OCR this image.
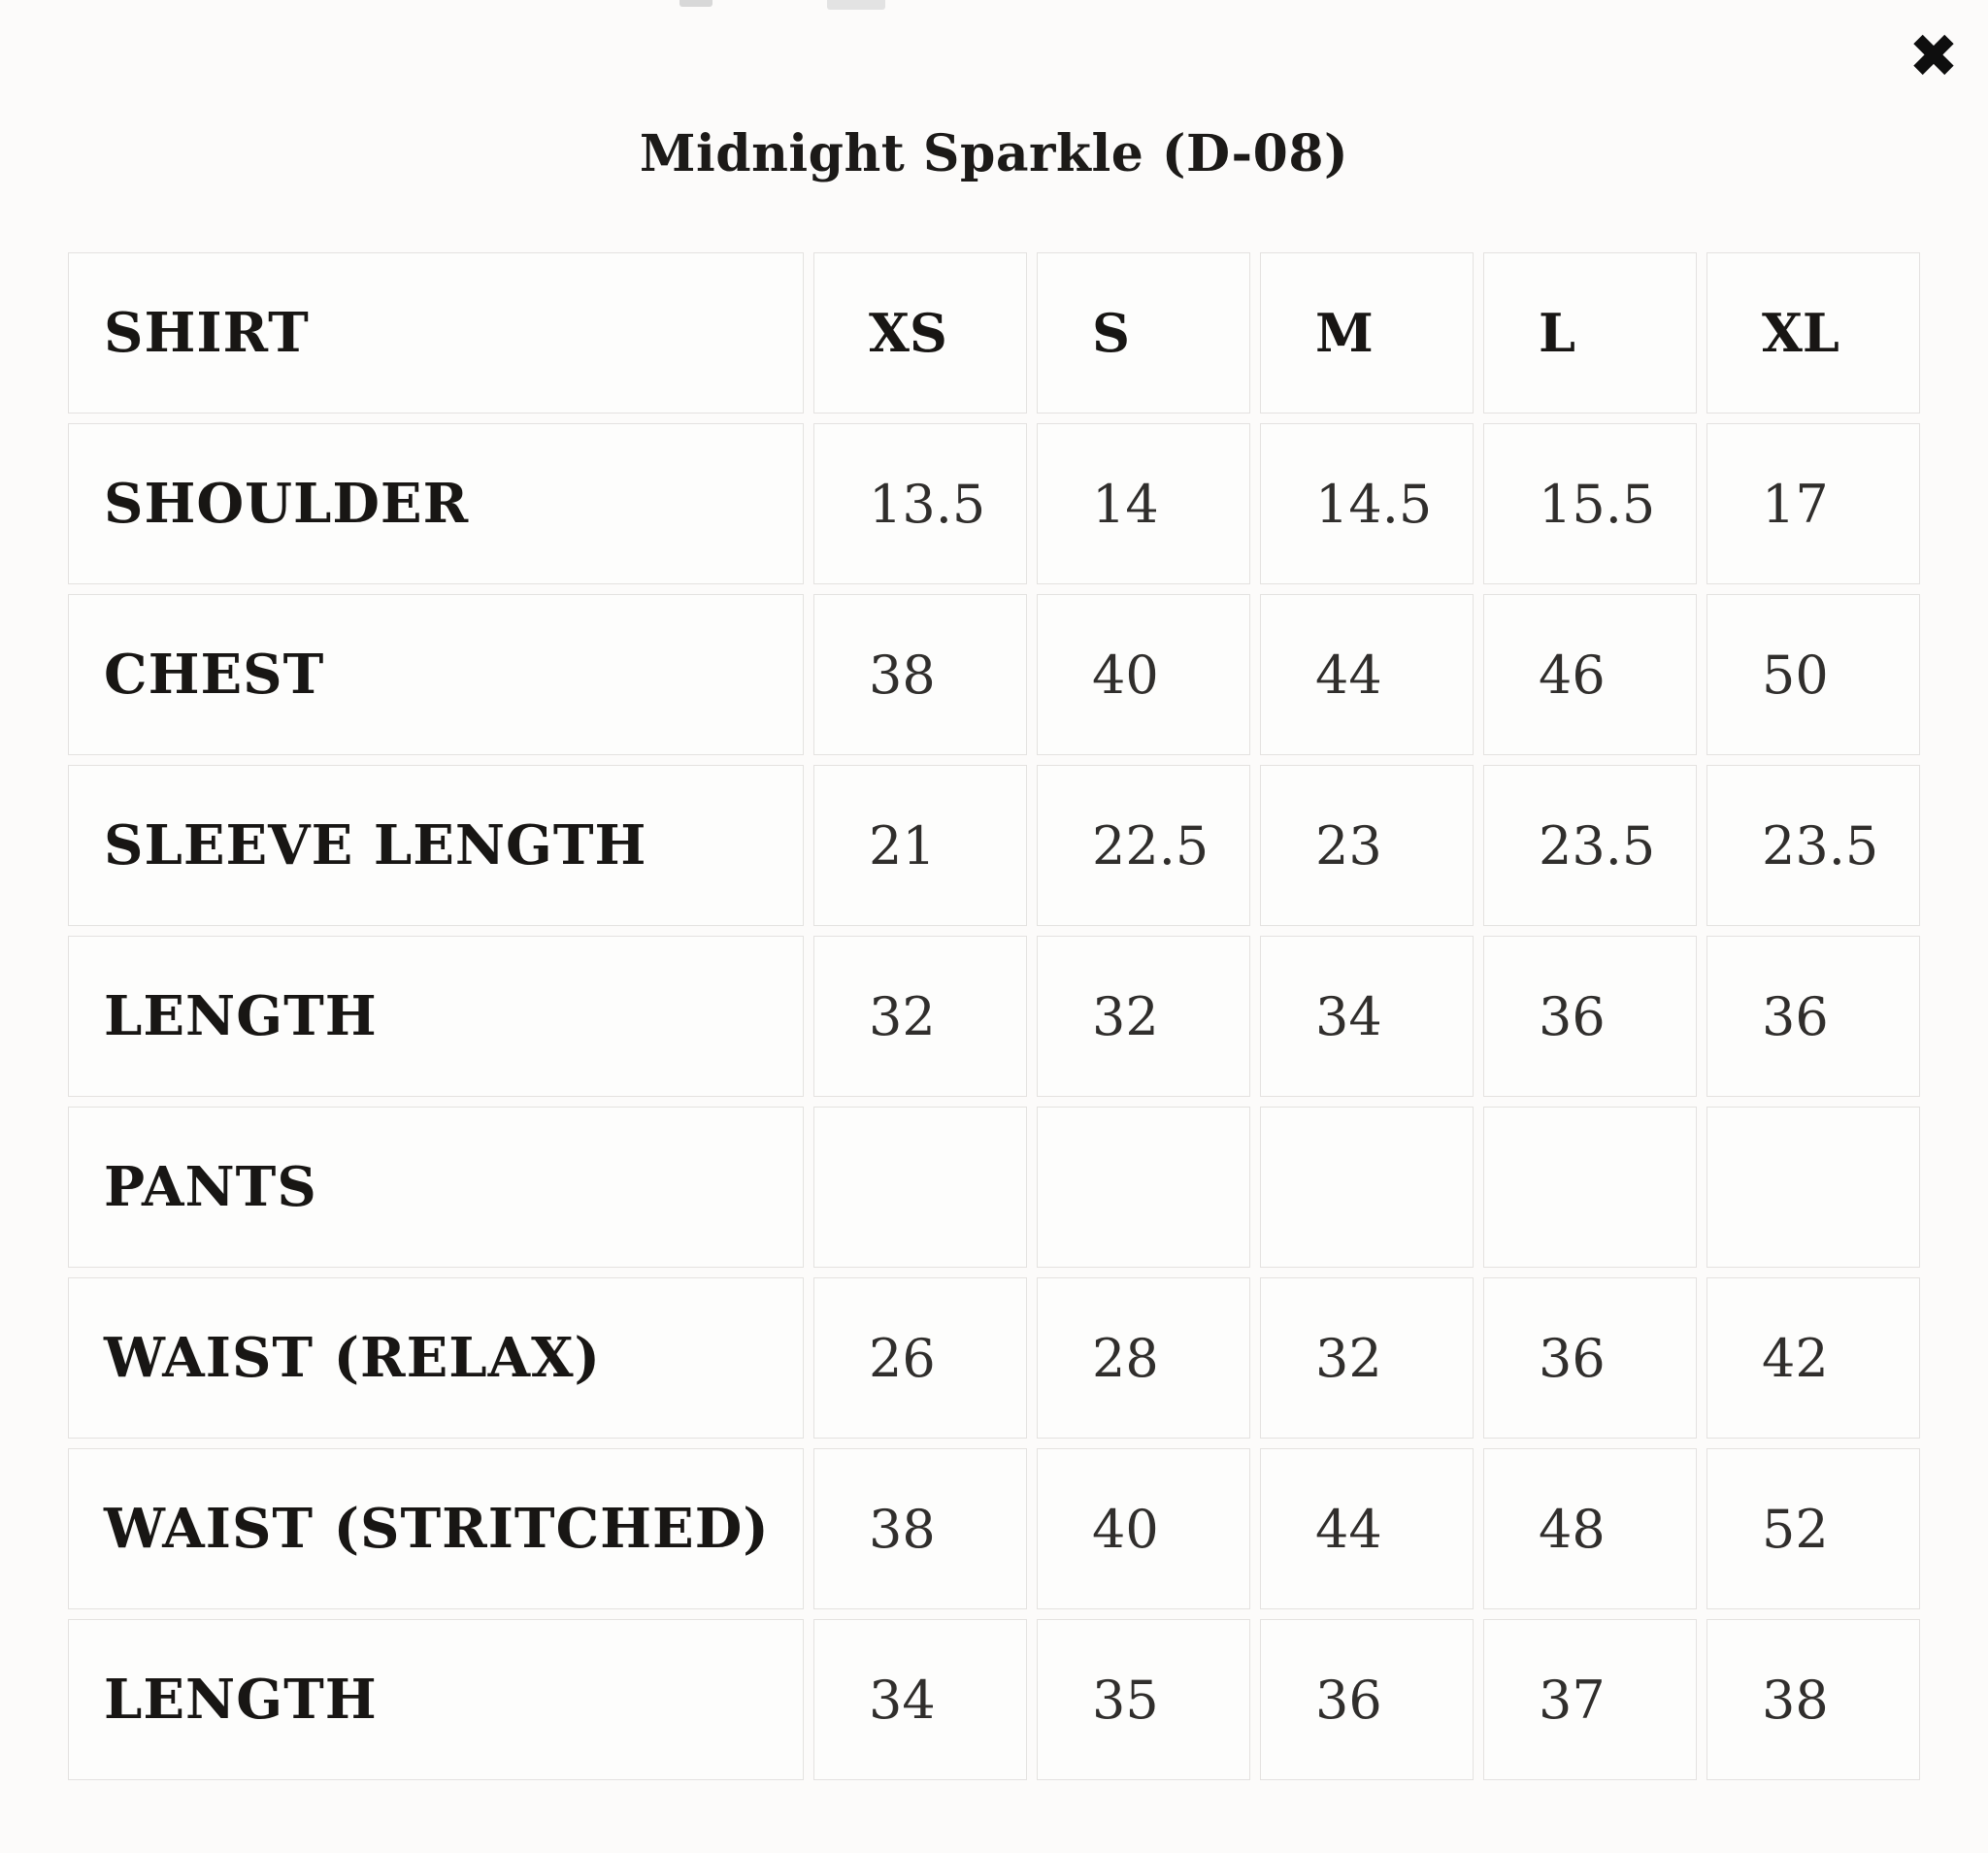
✖
Midnight Sparkle (D-08)
SHIRT	XS	S	M	L	XL
SHOULDER	13.5	14	14.5	15.5	17
CHEST	38	40	44	46	50
SLEEVE LENGTH	21	22.5	23	23.5	23.5
LENGTH	32	32	34	36	36
PANTS					
WAIST (RELAX)	26	28	32	36	42
WAIST (STRITCHED)	38	40	44	48	52
LENGTH	34	35	36	37	38
